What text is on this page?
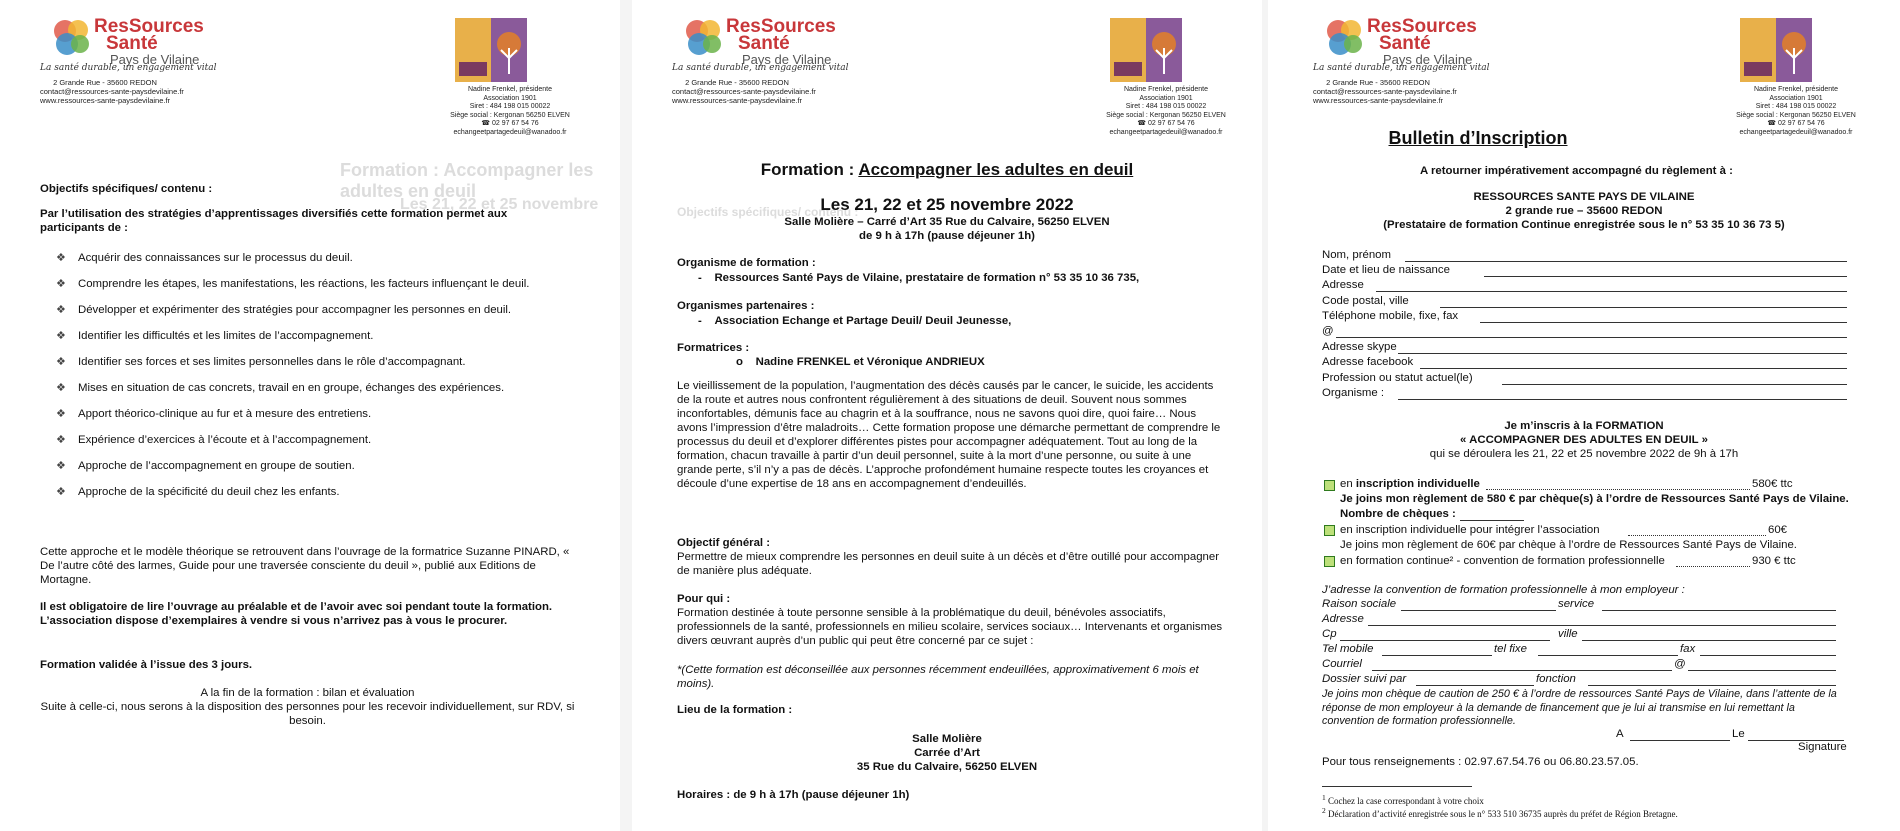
Formation : Accompagner les adultes en deuil
Les 21, 22 et 25 novembre
ResSources
Santé
Pays de Vilaine
La santé durable, un engagement vital
2 Grande Rue - 35600 REDON
contact@ressources-sante-paysdevilaine.fr
www.ressources-sante-paysdevilaine.fr
Nadine Frenkel, présidente
Association 1901
Siret : 484 198 015 00022
Siège social : Kergonan 56250 ELVEN
☎ 02 97 67 54 76
echangeetpartagedeuil@wanadoo.fr
Objectifs spécifiques/ contenu :
Par l’utilisation des stratégies d’apprentissages diversifiés cette formation permet aux participants de :
❖ Acquérir des connaissances sur le processus du deuil.
❖ Comprendre les étapes, les manifestations, les réactions, les facteurs influençant le deuil.
❖ Développer et expérimenter des stratégies pour accompagner les personnes en deuil.
❖ Identifier les difficultés et les limites de l’accompagnement.
❖ Identifier ses forces et ses limites personnelles dans le rôle d’accompagnant.
❖ Mises en situation de cas concrets, travail en en groupe, échanges des expériences.
❖ Apport théorico-clinique au fur et à mesure des entretiens.
❖ Expérience d’exercices à l’écoute et à l’accompagnement.
❖ Approche de l’accompagnement en groupe de soutien.
❖ Approche de la spécificité du deuil chez les enfants.
Cette approche et le modèle théorique se retrouvent dans l’ouvrage de la formatrice Suzanne PINARD, « De l’autre côté des larmes, Guide pour une traversée consciente du deuil », publié aux Editions de Mortagne.
Il est obligatoire de lire l’ouvrage au préalable et de l’avoir avec soi pendant toute la formation. L’association dispose d’exemplaires à vendre si vous n’arrivez pas à vous le procurer.
Formation validée à l’issue des 3 jours.
A la fin de la formation : bilan et évaluation
Suite à celle-ci, nous serons à la disposition des personnes pour les recevoir individuellement, sur RDV, si besoin.
Objectifs spécifiques/ contenu :
ResSources
Santé
Pays de Vilaine
La santé durable, un engagement vital
2 Grande Rue - 35600 REDON
contact@ressources-sante-paysdevilaine.fr
www.ressources-sante-paysdevilaine.fr
Nadine Frenkel, présidente
Association 1901
Siret : 484 198 015 00022
Siège social : Kergonan 56250 ELVEN
☎ 02 97 67 54 76
echangeetpartagedeuil@wanadoo.fr
Formation : Accompagner les adultes en deuil
Les 21, 22 et 25 novembre 2022
Salle Molière – Carré d’Art 35 Rue du Calvaire, 56250 ELVEN
de 9 h à 17h (pause déjeuner 1h)
Organisme de formation :
-    Ressources Santé Pays de Vilaine, prestataire de formation n° 53 35 10 36 735,
Organismes partenaires :
-    Association Echange et Partage Deuil/ Deuil Jeunesse,
Formatrices :
o    Nadine FRENKEL et Véronique ANDRIEUX
Le vieillissement de la population, l’augmentation des décès causés par le cancer, le suicide, les accidents de la route et autres nous confrontent régulièrement à des situations de deuil. Souvent nous sommes inconfortables, démunis face au chagrin et à la souffrance, nous ne savons quoi dire, quoi faire… Nous avons l’impression d’être maladroits… Cette formation propose une démarche permettant de comprendre le processus du deuil et d’explorer différentes pistes pour accompagner adéquatement. Tout au long de la formation, chacun travaille à partir d’un deuil personnel, suite à la mort d’une personne, ou suite à une grande perte, s’il n’y a pas de décès. L’approche profondément humaine respecte toutes les croyances et découle d’une expertise de 18 ans en accompagnement d’endeuillés.
Objectif général :
Permettre de mieux comprendre les personnes en deuil suite à un décès et d’être outillé pour accompagner de manière plus adéquate.
Pour qui :
Formation destinée à toute personne sensible à la problématique du deuil, bénévoles associatifs, professionnels de la santé, professionnels en milieu scolaire, services sociaux… Intervenants et organismes divers œuvrant auprès d’un public qui peut être concerné par ce sujet :
*(Cette formation est déconseillée aux personnes récemment endeuillées, approximativement 6 mois et moins).
Lieu de la formation :
Salle Molière
Carrée d’Art
35 Rue du Calvaire, 56250 ELVEN
Horaires : de 9 h à 17h (pause déjeuner 1h)
ResSources
Santé
Pays de Vilaine
La santé durable, un engagement vital
2 Grande Rue - 35600 REDON
contact@ressources-sante-paysdevilaine.fr
www.ressources-sante-paysdevilaine.fr
Nadine Frenkel, présidente
Association 1901
Siret : 484 198 015 00022
Siège social : Kergonan 56250 ELVEN
☎ 02 97 67 54 76
echangeetpartagedeuil@wanadoo.fr
Bulletin d’Inscription
A retourner impérativement accompagné du règlement à :
RESSOURCES SANTE PAYS DE VILAINE
2 grande rue – 35600 REDON
(Prestataire de formation Continue enregistrée sous le n° 53 35 10 36 73 5)
Nom, prénom
Date et lieu de naissance
Adresse
Code postal, ville
Téléphone mobile, fixe, fax
@
Adresse skype
Adresse facebook
Profession ou statut actuel(le)
Organisme :
Je m’inscris à la FORMATION
« ACCOMPAGNER DES ADULTES EN DEUIL »
qui se déroulera les 21, 22 et 25 novembre 2022 de 9h à 17h
en inscription individuelle	580€ ttc
Je joins mon règlement de 580 € par chèque(s) à l’ordre de Ressources Santé Pays de Vilaine.
Nombre de chèques :
en inscription individuelle pour intégrer l’association	60€
Je joins mon règlement de 60€ par chèque à l’ordre de Ressources Santé Pays de Vilaine.
en formation continue² - convention de formation professionnelle	930 € ttc
J’adresse la convention de formation professionnelle à mon employeur :
Raison sociale	service
Adresse
Cp	ville
Tel mobile	tel fixe	fax
Courriel	@
Dossier suivi par	fonction
Je joins mon chèque de caution de 250 € à l’ordre de ressources Santé Pays de Vilaine, dans l’attente de la réponse de mon employeur à la demande de financement que je lui ai transmise en lui remettant la convention de formation professionnelle.
A	Le
Signature
Pour tous renseignements : 02.97.67.54.76 ou 06.80.23.57.05.
$^1$ Cochez la case correspondant à votre choix
$^2$ Déclaration d’activité enregistrée sous le n° 533 510 36735 auprès du préfet de Région Bretagne.
